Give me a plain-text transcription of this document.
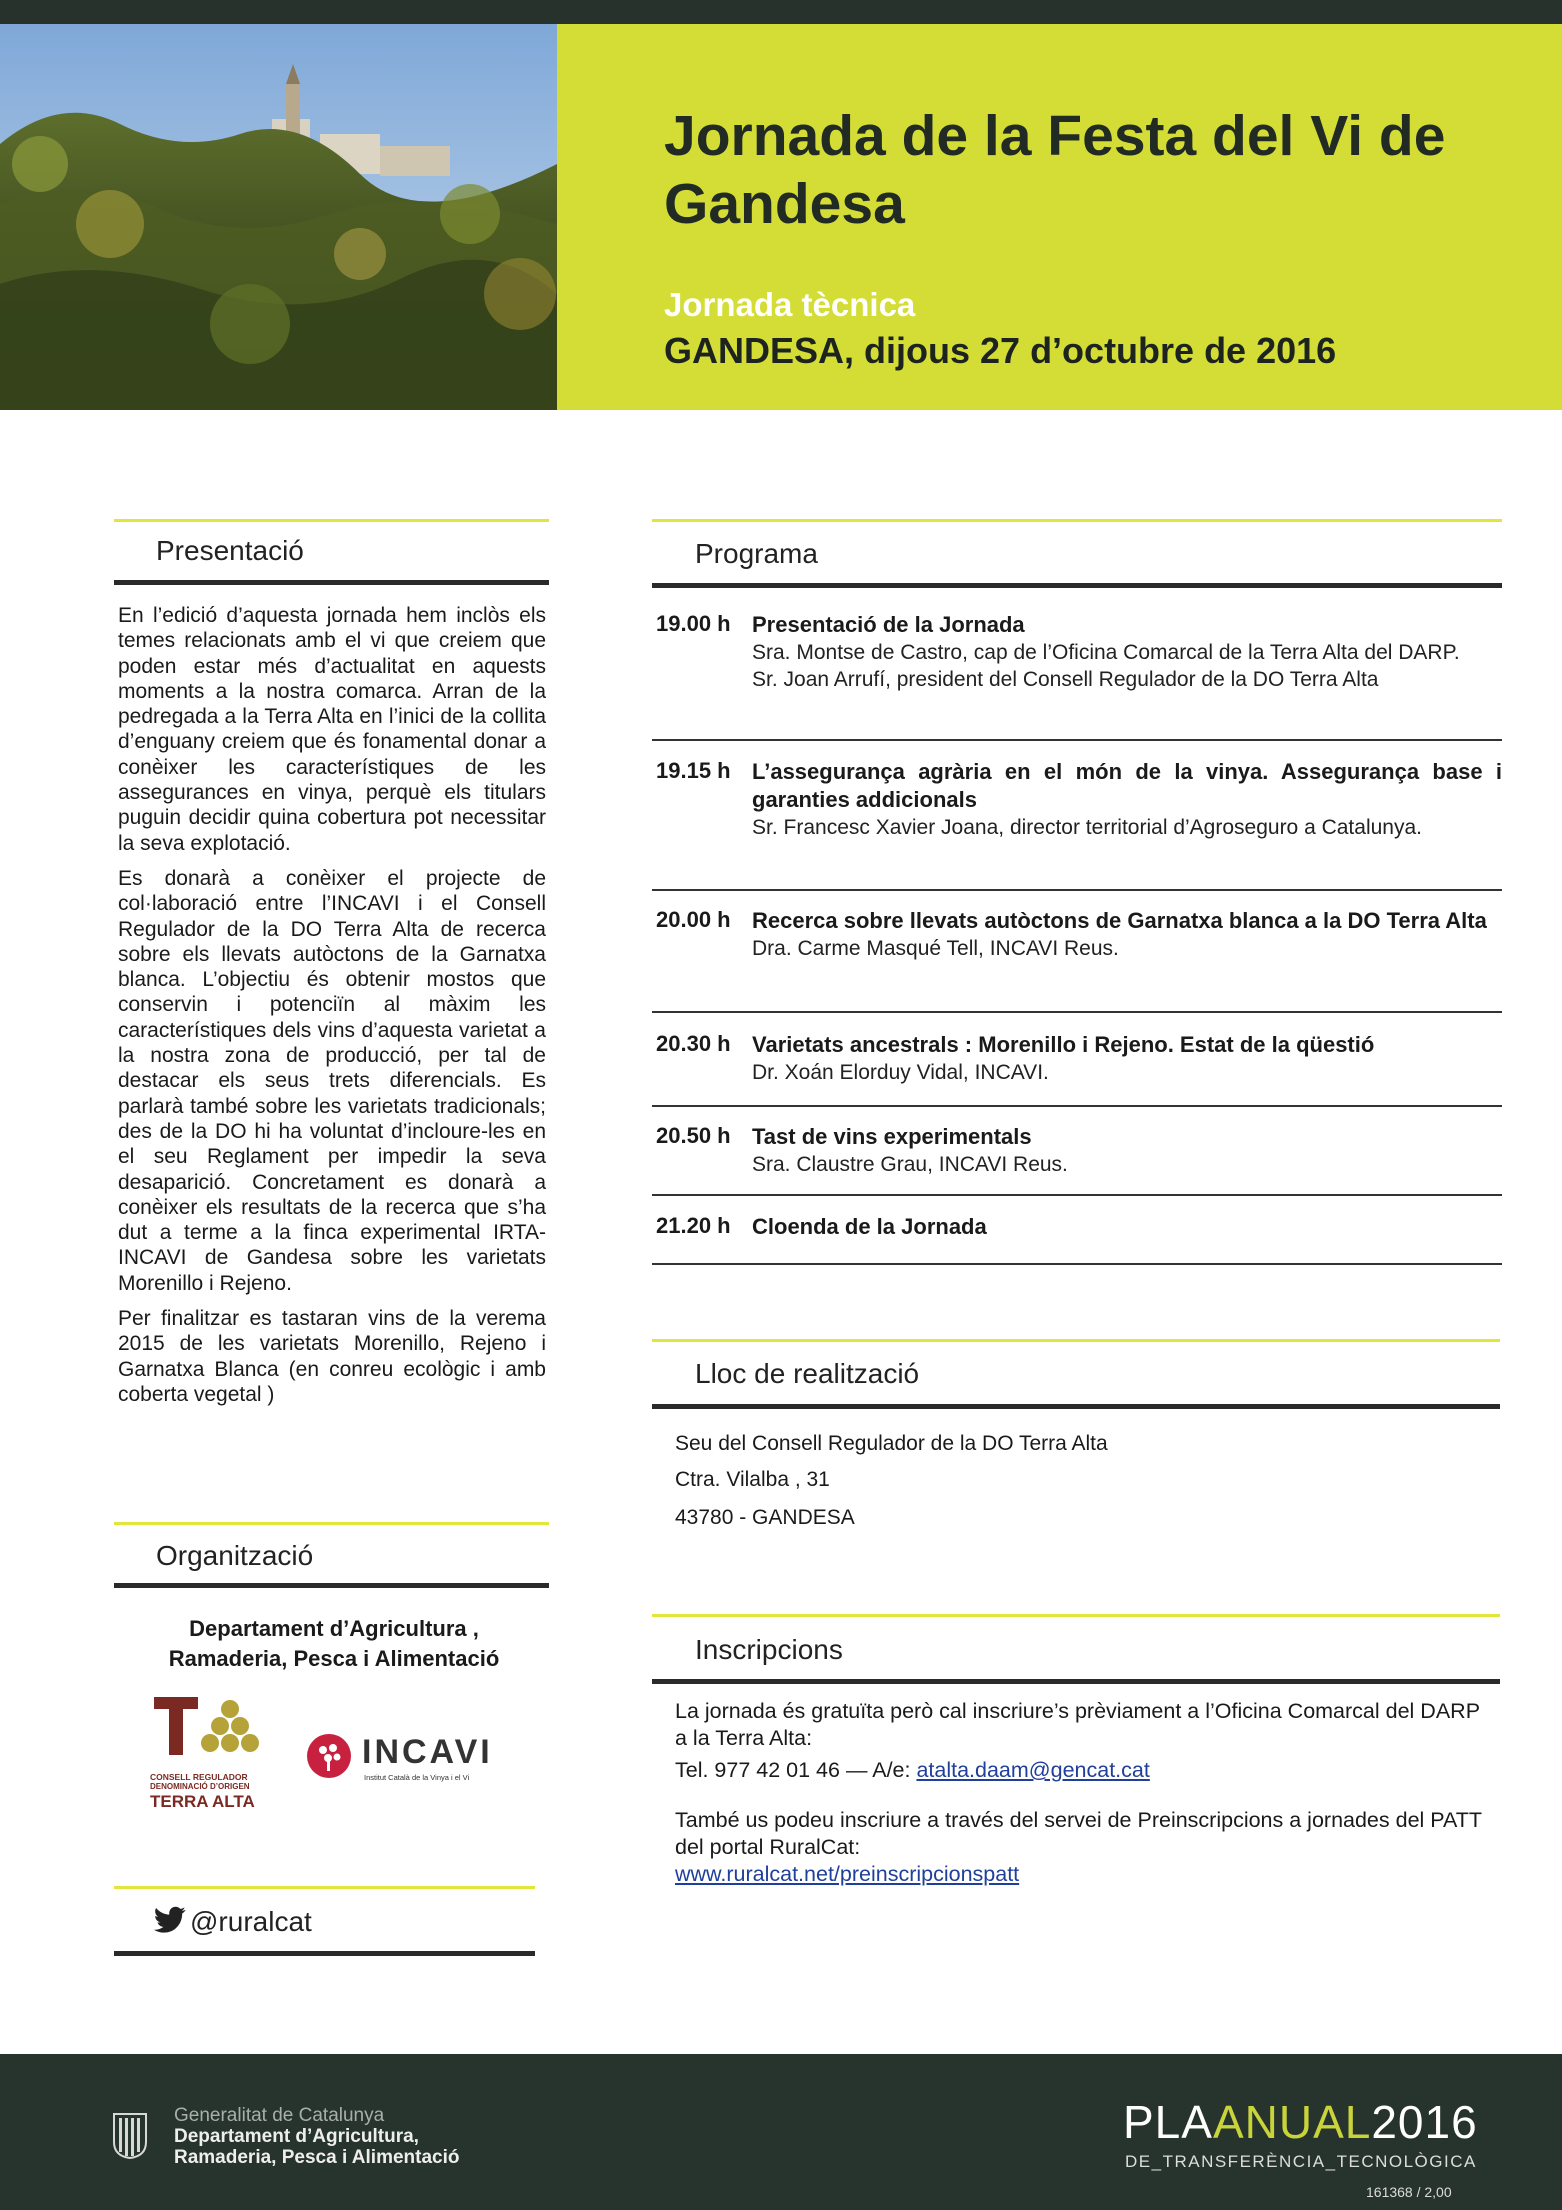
Jornada de la Festa del Vi de Gandesa
Jornada tècnica
GANDESA, dijous 27 d’octubre de 2016
Presentació

En l’edició d’aquesta jornada hem inclòs els temes relacionats amb el vi que creiem que poden estar més d’actualitat en aquests moments a la nostra comarca. Arran de la pedregada a la Terra Alta en l’inici de la collita d’enguany creiem que és fonamental donar a conèixer les característiques de les assegurances en vinya, perquè els titulars puguin decidir quina cobertura pot necessitar la seva explotació.

Es donarà a conèixer el projecte de col·laboració entre l’INCAVI i el Consell Regulador de la DO Terra Alta de recerca sobre els llevats autòctons de la Garnatxa blanca. L’objectiu és obtenir mostos que conservin i potenciïn al màxim les característiques dels vins d’aquesta varietat a la nostra zona de producció, per tal de destacar els seus trets diferencials. Es parlarà també sobre les varietats tradicionals; des de la DO hi ha voluntat d’incloure-les en el seu Reglament per impedir la seva desaparició. Concretament es donarà a conèixer els resultats de la recerca que s’ha dut a terme a la finca experimental IRTA-INCAVI de Gandesa sobre les varietats Morenillo i Rejeno.

Per finalitzar es tastaran vins de la verema 2015 de les varietats Morenillo, Rejeno i Garnatxa Blanca (en conreu ecològic i amb coberta vegetal )

Organització
Departament d’Agricultura ,
Ramaderia, Pesca i Alimentació
CONSELL REGULADOR
DENOMINACIÓ D’ORIGEN
TERRA ALTA
INCAVI
Institut Català de la Vinya i el Vi
@ruralcat
Programa
19.00 h Presentació de la Jornada
Sra. Montse de Castro, cap de l’Oficina Comarcal de la Terra Alta del DARP.
Sr. Joan Arrufí, president del Consell Regulador de la DO Terra Alta
19.15 h L’assegurança agrària en el món de la vinya. Assegurança base i garanties addicionals
Sr. Francesc Xavier Joana, director territorial d’Agroseguro a Catalunya.
20.00 h Recerca sobre llevats autòctons de Garnatxa blanca a la DO Terra Alta
Dra. Carme Masqué Tell, INCAVI Reus.
20.30 h Varietats ancestrals : Morenillo i Rejeno. Estat de la qüestió
Dr. Xoán Elorduy Vidal, INCAVI.
20.50 h Tast de vins experimentals
Sra. Claustre Grau, INCAVI Reus.
21.20 h Cloenda de la Jornada
Lloc de realització
Seu del Consell Regulador de la DO Terra Alta
Ctra. Vilalba , 31
43780 - GANDESA
Inscripcions
La jornada és gratuïta però cal inscriure’s prèviament a l’Oficina Comarcal del DARP a la Terra Alta:
Tel. 977 42 01 46 — A/e: atalta.daam@gencat.cat
També us podeu inscriure a través del servei de Preinscripcions a jornades del PATT del portal RuralCat:
www.ruralcat.net/preinscripcionspatt
Generalitat de Catalunya
Departament d’Agricultura,
Ramaderia, Pesca i Alimentació
PLAANUAL2016
DE_TRANSFERÈNCIA_TECNOLÒGICA
161368 / 2,00
